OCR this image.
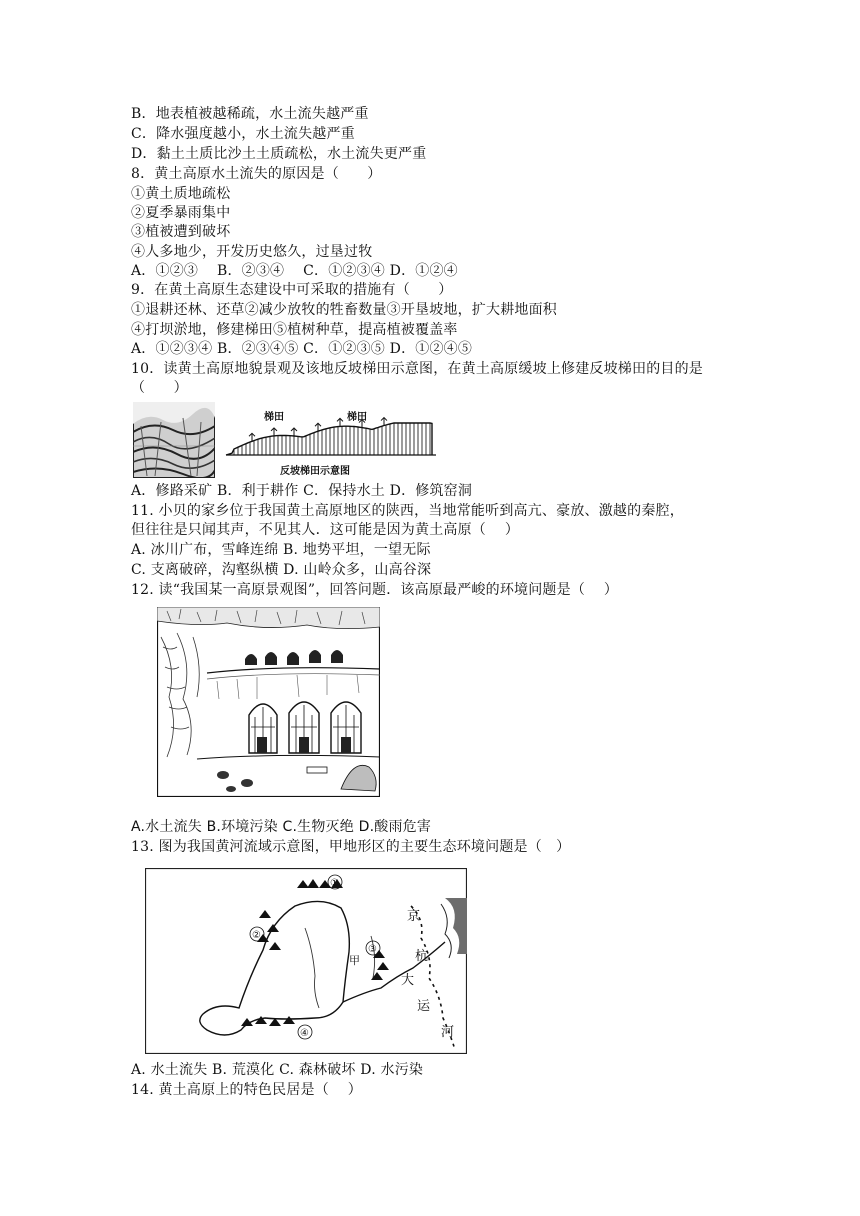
B．地表植被越稀疏，水土流失越严重
C．降水强度越小，水土流失越严重
D．黏土土质比沙土土质疏松，水土流失更严重
8．黄土高原水土流失的原因是（　　）
①黄土质地疏松
②夏季暴雨集中
③植被遭到破坏
④人多地少，开发历史悠久，过垦过牧
A．①②③　 B．②③④　 C．①②③④ D．①②④
9．在黄土高原生态建设中可采取的措施有（　　）
①退耕还林、还草②减少放牧的牲畜数量③开垦坡地，扩大耕地面积
④打坝淤地，修建梯田⑤植树种草，提高植被覆盖率
A．①②③④ B．②③④⑤ C．①②③⑤ D．①②④⑤
10．读黄土高原地貌景观及该地反坡梯田示意图，在黄土高原缓坡上修建反坡梯田的目的是
（　　）
梯田	梯田
反坡梯田示意图
A．修路采矿 B．利于耕作 C．保持水土 D．修筑窑洞
11. 小贝的家乡位于我国黄土高原地区的陕西，当地常能听到高亢、豪放、激越的秦腔，
但往往是只闻其声，不见其人．这可能是因为黄土高原（　 ）
A. 冰川广布，雪峰连绵 B. 地势平坦，一望无际
C. 支离破碎，沟壑纵横 D. 山岭众多，山高谷深
12. 读“我国某一高原景观图”，回答问题．该高原最严峻的环境问题是（　 ）
A.水土流失 B.环境污染 C.生物灭绝 D.酸雨危害
13. 图为我国黄河流域示意图，甲地形区的主要生态环境问题是（　）
①
②
③
④
甲
京
杭
大
运
河
A. 水土流失 B. 荒漠化 C. 森林破坏 D. 水污染
14. 黄土高原上的特色民居是（　 ）
